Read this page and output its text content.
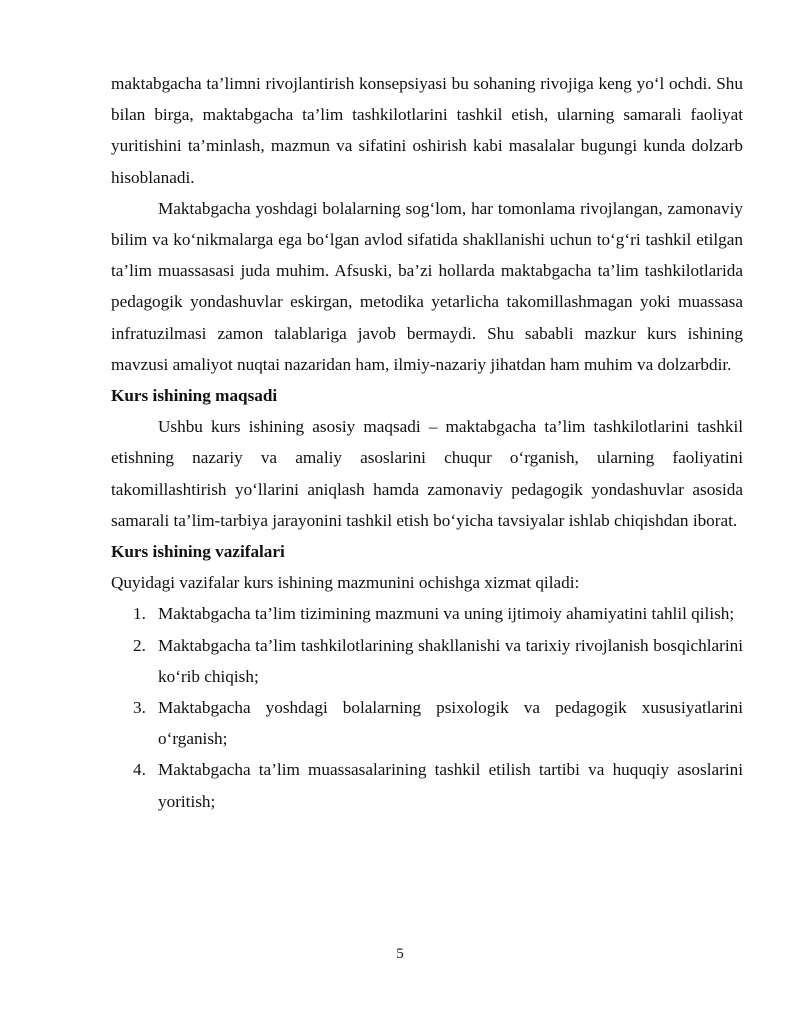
maktabgacha ta’limni rivojlantirish konsepsiyasi bu sohaning rivojiga keng yo‘l ochdi. Shu bilan birga, maktabgacha ta’lim tashkilotlarini tashkil etish, ularning samarali faoliyat yuritishini ta’minlash, mazmun va sifatini oshirish kabi masalalar bugungi kunda dolzarb hisoblanadi.

Maktabgacha yoshdagi bolalarning sog‘lom, har tomonlama rivojlangan, zamonaviy bilim va ko‘nikmalarga ega bo‘lgan avlod sifatida shakllanishi uchun to‘g‘ri tashkil etilgan ta’lim muassasasi juda muhim. Afsuski, ba’zi hollarda maktabgacha ta’lim tashkilotlarida pedagogik yondashuvlar eskirgan, metodika yetarlicha takomillashmagan yoki muassasa infratuzilmasi zamon talablariga javob bermaydi. Shu sababli mazkur kurs ishining mavzusi amaliyot nuqtai nazaridan ham, ilmiy-nazariy jihatdan ham muhim va dolzarbdir.

Kurs ishining maqsadi

Ushbu kurs ishining asosiy maqsadi – maktabgacha ta’lim tashkilotlarini tashkil etishning nazariy va amaliy asoslarini chuqur o‘rganish, ularning faoliyatini takomillashtirish yo‘llarini aniqlash hamda zamonaviy pedagogik yondashuvlar asosida samarali ta’lim-tarbiya jarayonini tashkil etish bo‘yicha tavsiyalar ishlab chiqishdan iborat.

Kurs ishining vazifalari

Quyidagi vazifalar kurs ishining mazmunini ochishga xizmat qiladi:

1. Maktabgacha ta’lim tizimining mazmuni va uning ijtimoiy ahamiyatini tahlil qilish;
2. Maktabgacha ta’lim tashkilotlarining shakllanishi va tarixiy rivojlanish bosqichlarini ko‘rib chiqish;
3. Maktabgacha yoshdagi bolalarning psixologik va pedagogik xususiyatlarini o‘rganish;
4. Maktabgacha ta’lim muassasalarining tashkil etilish tartibi va huquqiy asoslarini yoritish;
5
